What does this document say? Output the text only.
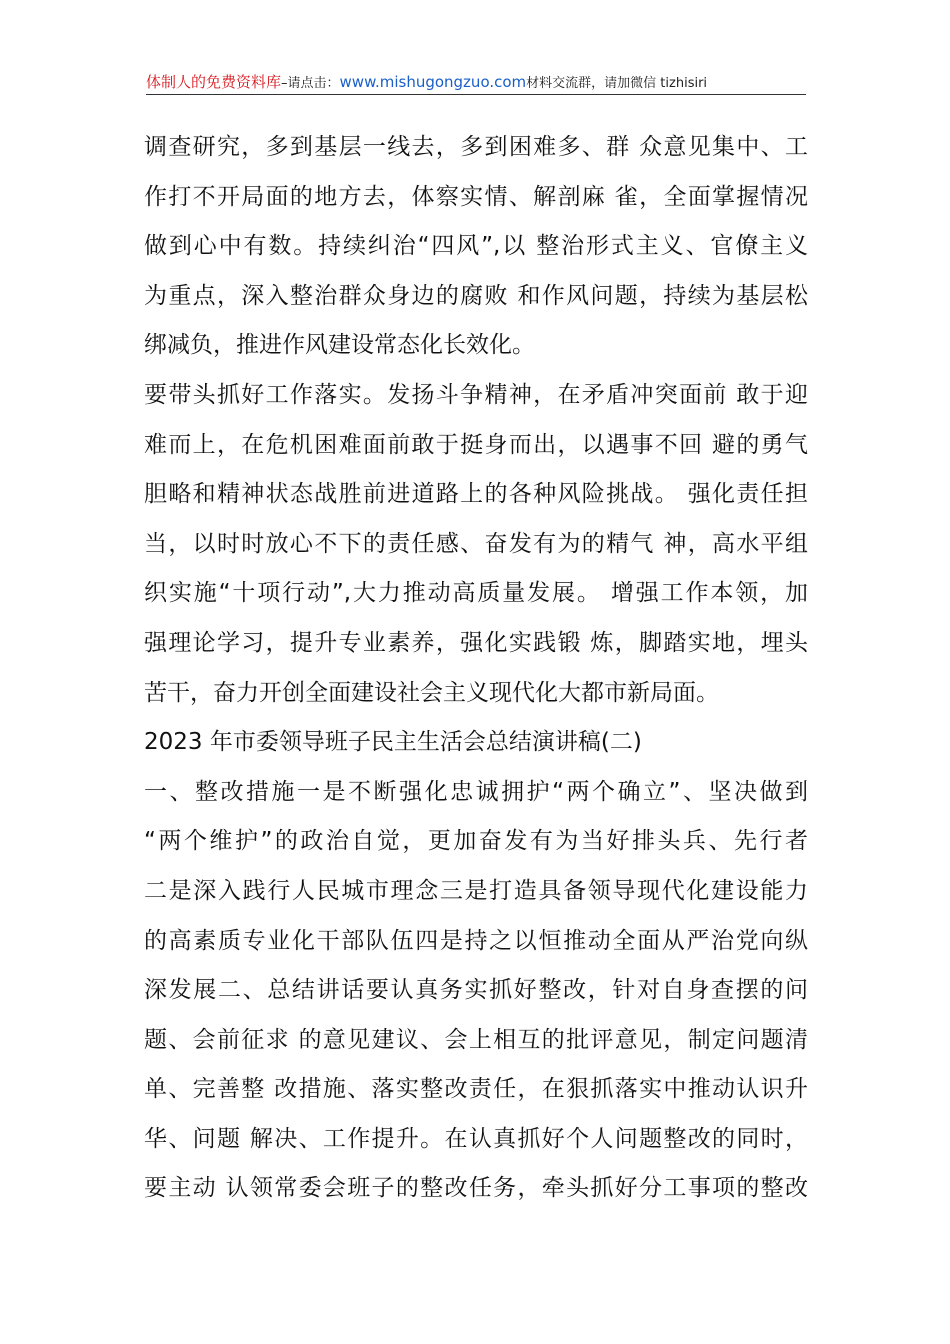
体制人的免费资料库–请点击：www.mishugongzuo.com材料交流群，请加微信 tizhisiri
调查研究，多到基层一线去，多到困难多、群 众意见集中、工
作打不开局面的地方去，体察实情、解剖麻 雀，全面掌握情况
做到心中有数。持续纠治“四风”,以 整治形式主义、官僚主义
为重点，深入整治群众身边的腐败 和作风问题，持续为基层松
绑减负，推进作风建设常态化长效化。
要带头抓好工作落实。发扬斗争精神，在矛盾冲突面前 敢于迎
难而上，在危机困难面前敢于挺身而出，以遇事不回 避的勇气
胆略和精神状态战胜前进道路上的各种风险挑战。 强化责任担
当，以时时放心不下的责任感、奋发有为的精气 神，高水平组
织实施“十项行动”,大力推动高质量发展。 增强工作本领，加
强理论学习，提升专业素养，强化实践锻 炼，脚踏实地，埋头
苦干，奋力开创全面建设社会主义现代化大都市新局面。
2023 年市委领导班子民主生活会总结演讲稿(二)
一、整改措施一是不断强化忠诚拥护“两个确立”、坚决做到
“两个维护”的政治自觉，更加奋发有为当好排头兵、先行者
二是深入践行人民城市理念三是打造具备领导现代化建设能力
的高素质专业化干部队伍四是持之以恒推动全面从严治党向纵
深发展二、总结讲话要认真务实抓好整改，针对自身查摆的问
题、会前征求 的意见建议、会上相互的批评意见，制定问题清
单、完善整 改措施、落实整改责任，在狠抓落实中推动认识升
华、问题 解决、工作提升。在认真抓好个人问题整改的同时，
要主动 认领常委会班子的整改任务，牵头抓好分工事项的整改
